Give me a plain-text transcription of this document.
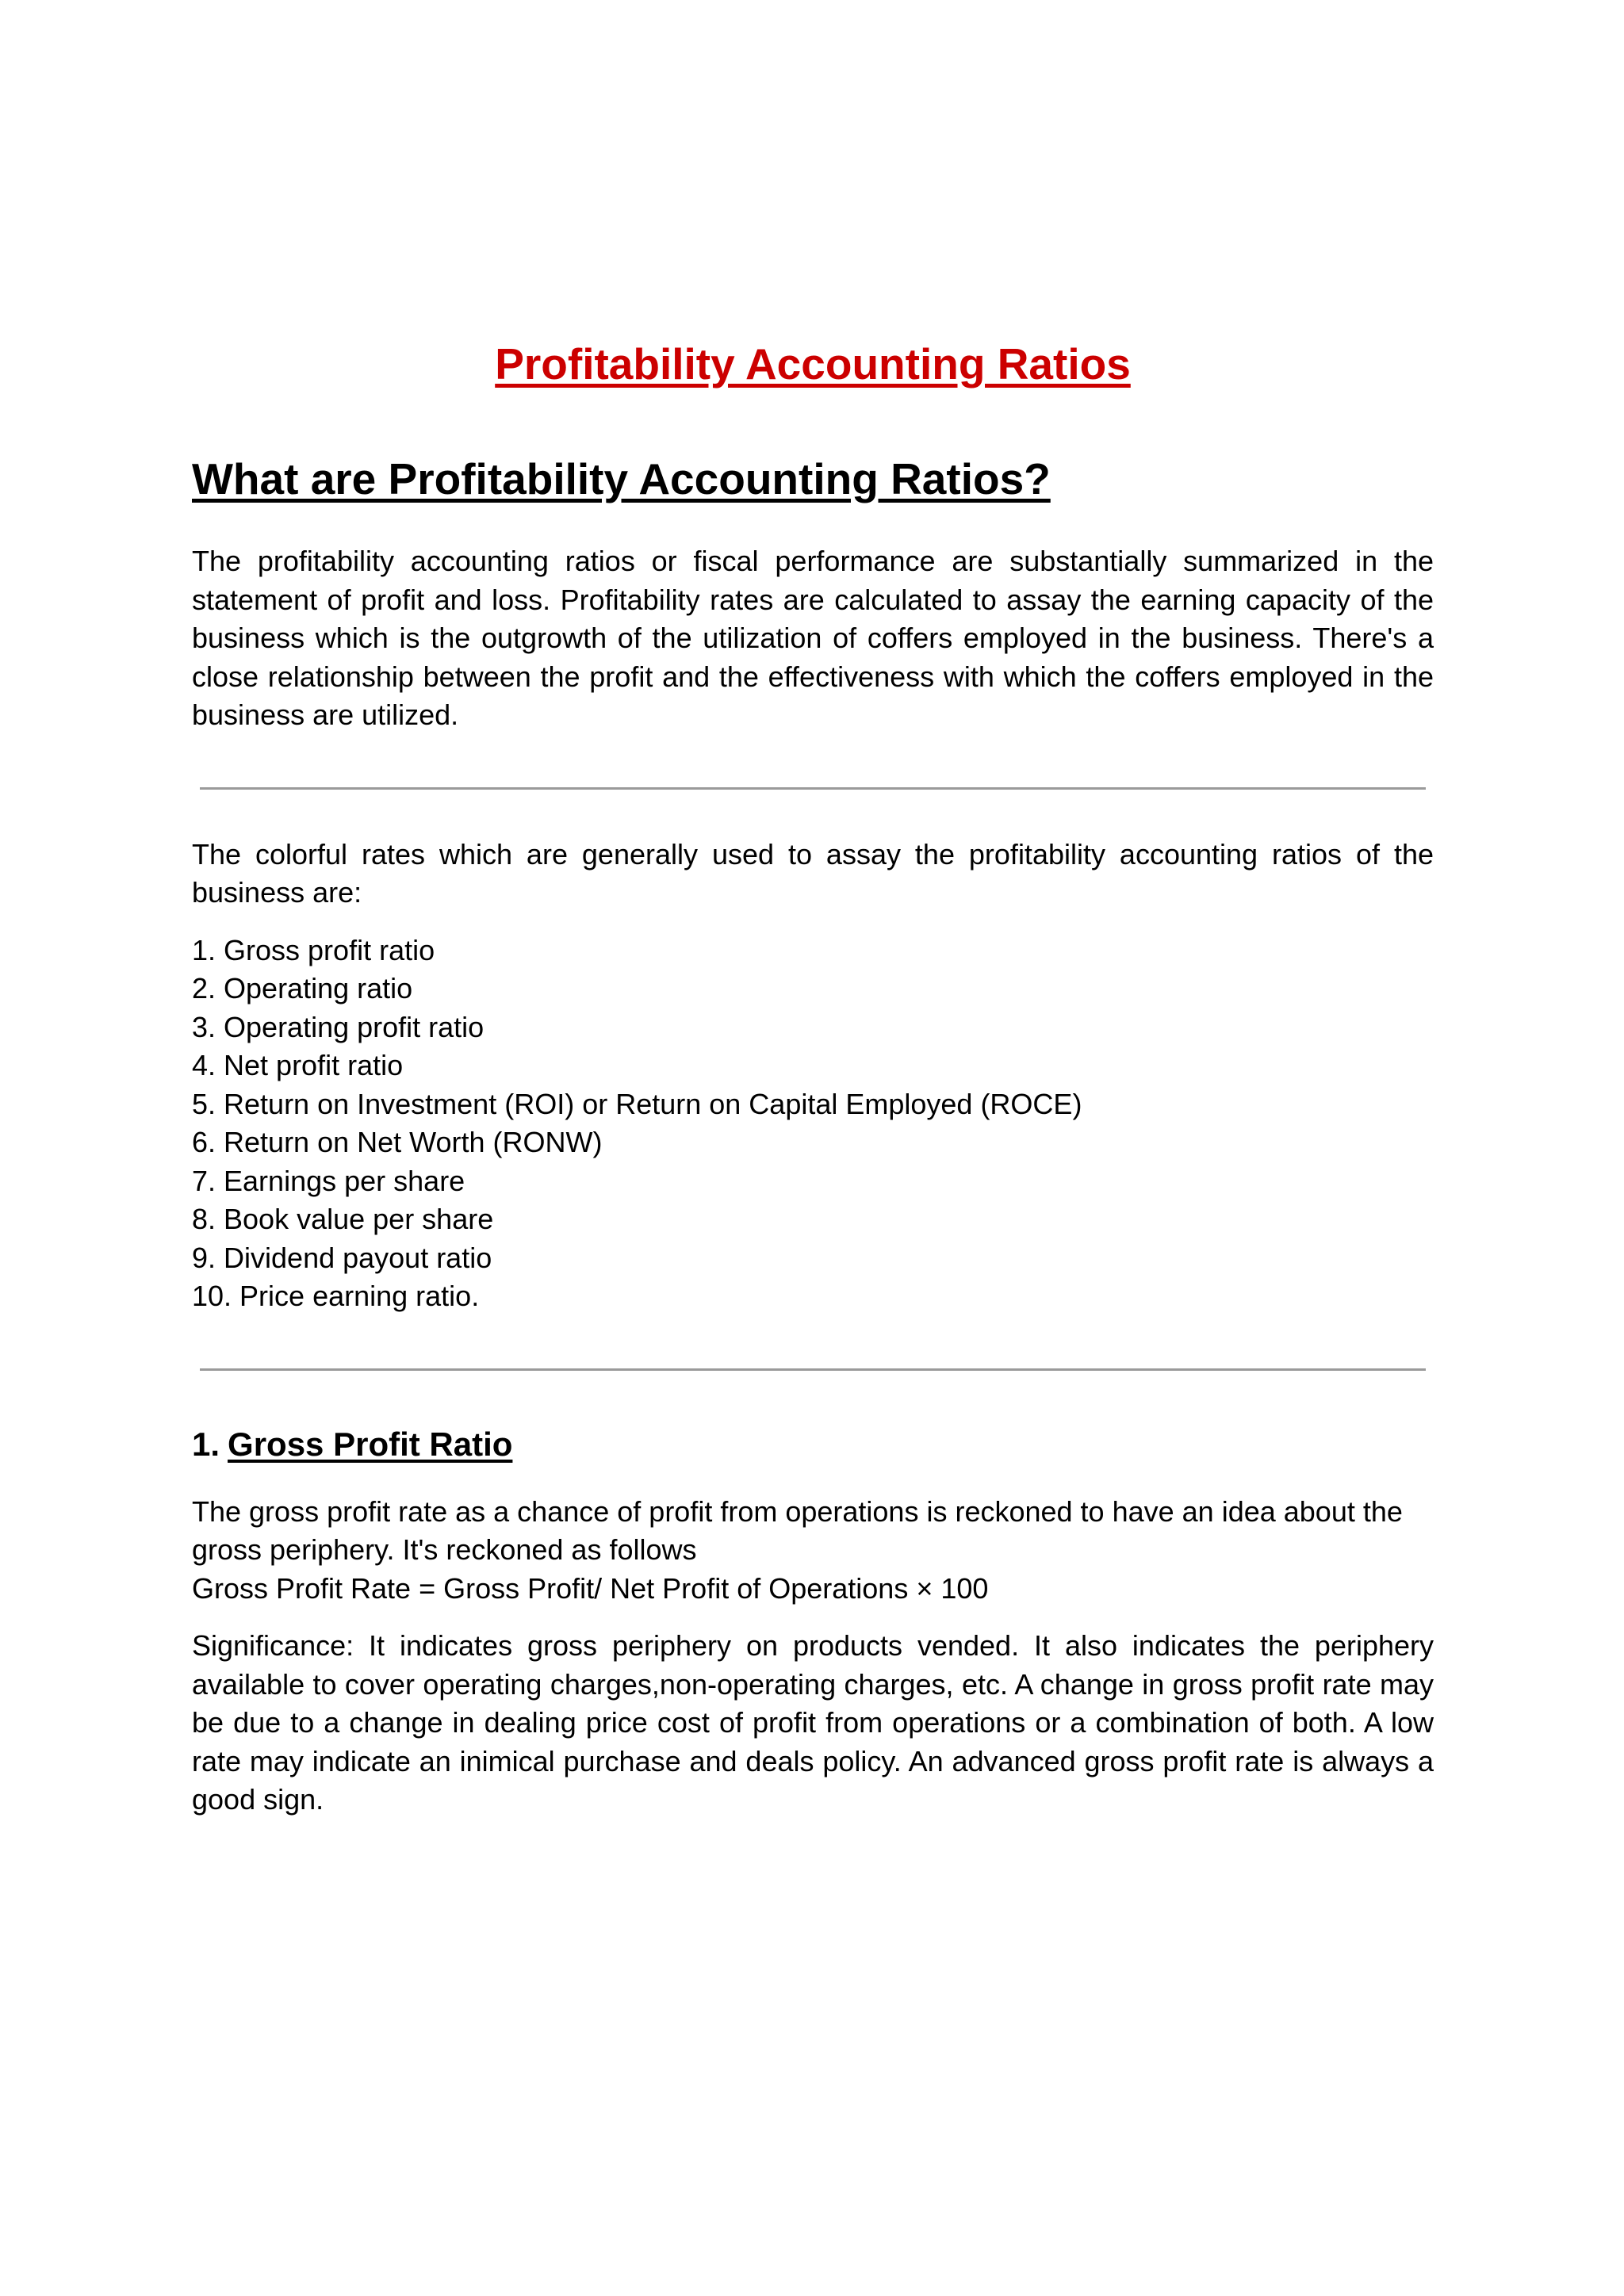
Profitability Accounting Ratios
What are Profitability Accounting Ratios?

The profitability accounting ratios or fiscal performance are substantially summarized in the statement of profit and loss. Profitability rates are calculated to assay the earning capacity of the business which is the outgrowth of the utilization of coffers employed in the business. There's a close relationship between the profit and the effectiveness with which the coffers employed in the business are utilized.

The colorful rates which are generally used to assay the profitability accounting ratios of the business are:

1. Gross profit ratio
2. Operating ratio
3. Operating profit ratio
4. Net profit ratio
5. Return on Investment (ROI) or Return on Capital Employed (ROCE)
6. Return on Net Worth (RONW)
7. Earnings per share
8. Book value per share
9. Dividend payout ratio
10. Price earning ratio.
1. Gross Profit Ratio
The gross profit rate as a chance of profit from operations is reckoned to have an idea about the gross periphery. It's reckoned as follows
Gross Profit Rate = Gross Profit/ Net Profit of Operations × 100

Significance: It indicates gross periphery on products vended. It also indicates the periphery available to cover operating charges,non-operating charges, etc. A change in gross profit rate may be due to a change in dealing price cost of profit from operations or a combination of both. A low rate may indicate an inimical purchase and deals policy. An advanced gross profit rate is always a good sign.
